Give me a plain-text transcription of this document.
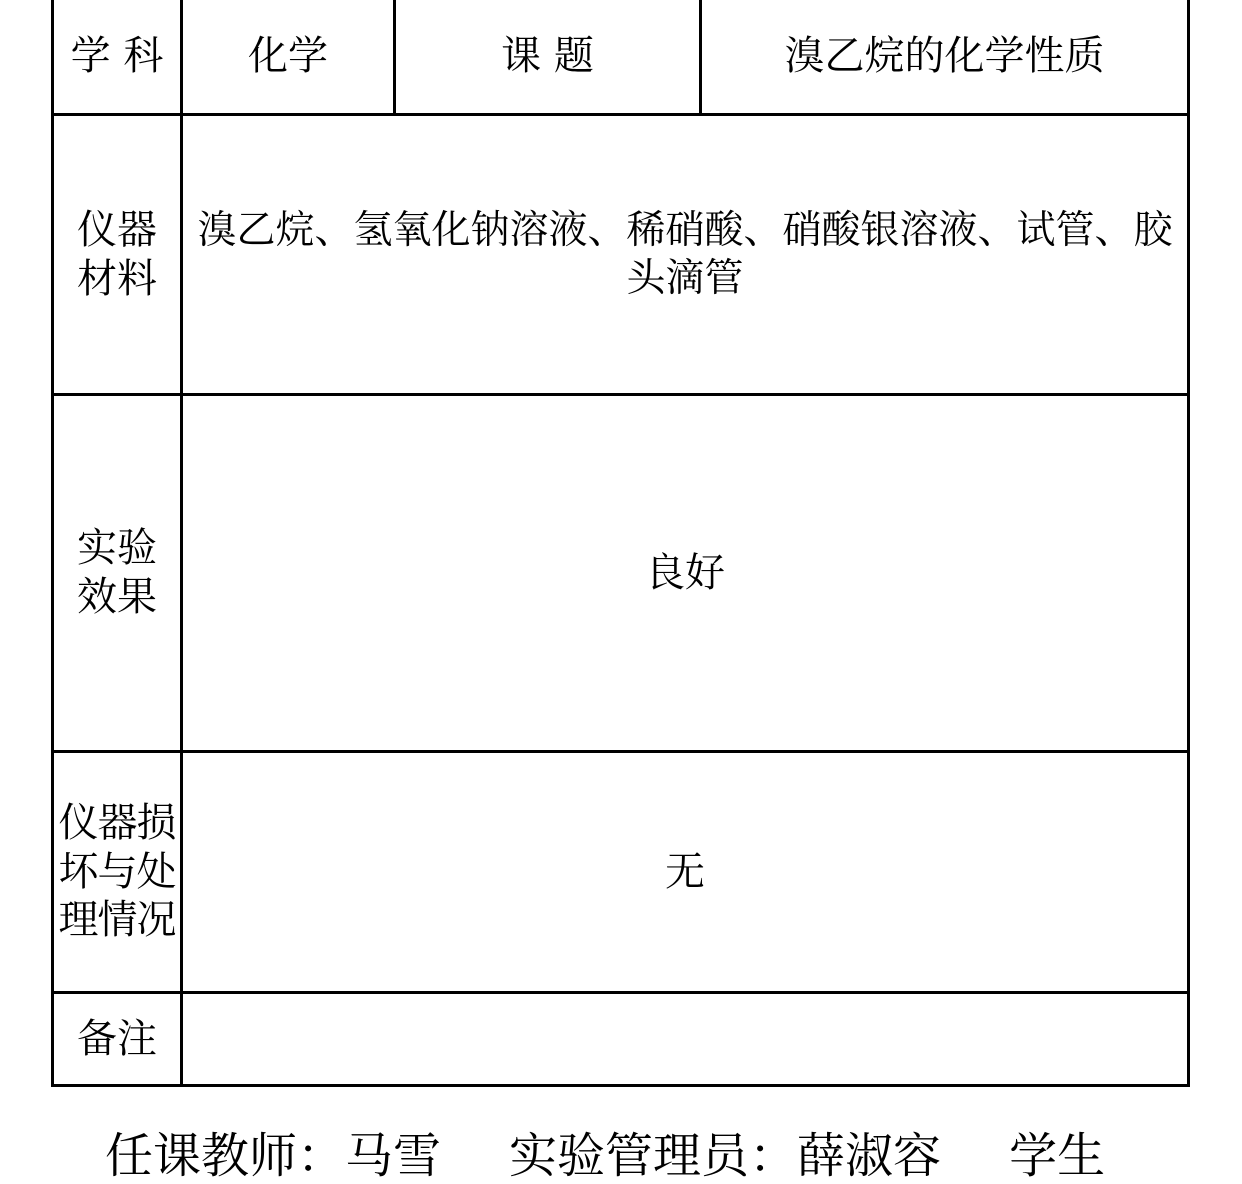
学 科	化学	课 题	溴乙烷的化学性质

仪器
材料	溴乙烷、氢氧化钠溶液、稀硝酸、硝酸银溶液、试管、胶头滴管		

实验
效果	良好		

仪器损
坏与处
理情况	无		
备注			
任课教师：马雪 实验管理员：薛淑容 学生
